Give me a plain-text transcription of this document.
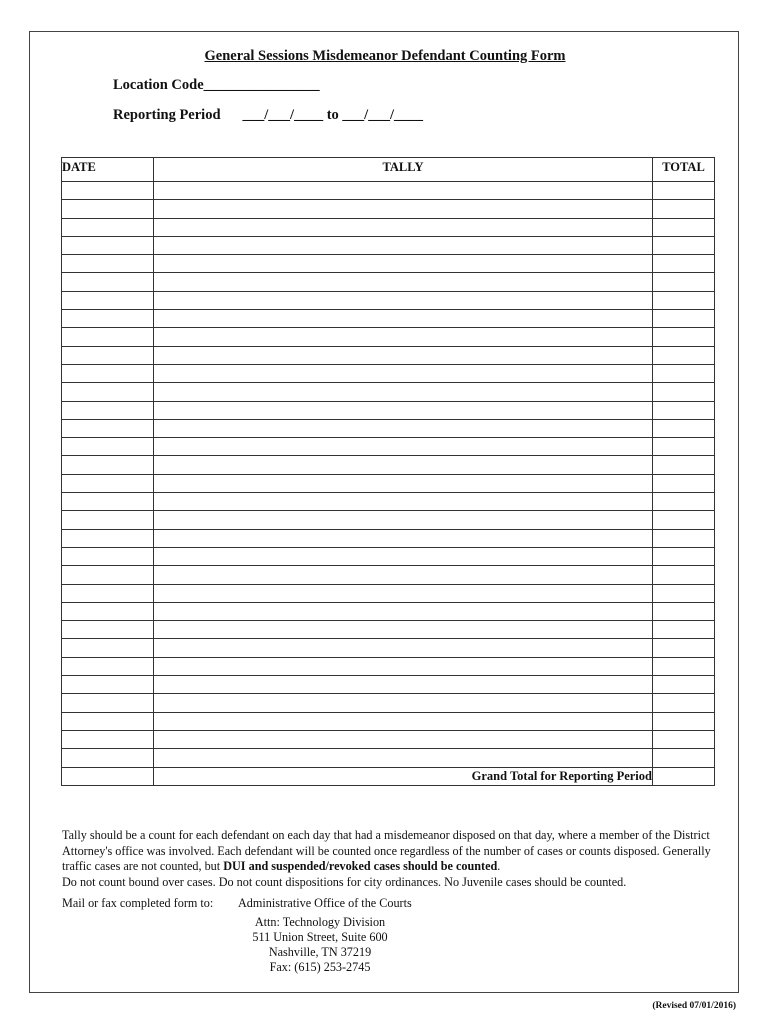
General Sessions Misdemeanor Defendant Counting Form
Location Code________________
Reporting Period ___/___/____ to ___/___/____
DATE	TALLY	TOTAL

	Grand Total for Reporting Period	
Tally should be a count for each defendant on each day that had a misdemeanor disposed on that day, where a member of the District Attorney's office was involved. Each defendant will be counted once regardless of the number of cases or counts disposed. Generally traffic cases are not counted, but DUI and suspended/revoked cases should be counted.
Do not count bound over cases. Do not count dispositions for city ordinances. No Juvenile cases should be counted.
Mail or fax completed form to: Administrative Office of the Courts
Attn: Technology Division
511 Union Street, Suite 600
Nashville, TN 37219
Fax: (615) 253-2745
(Revised 07/01/2016)
